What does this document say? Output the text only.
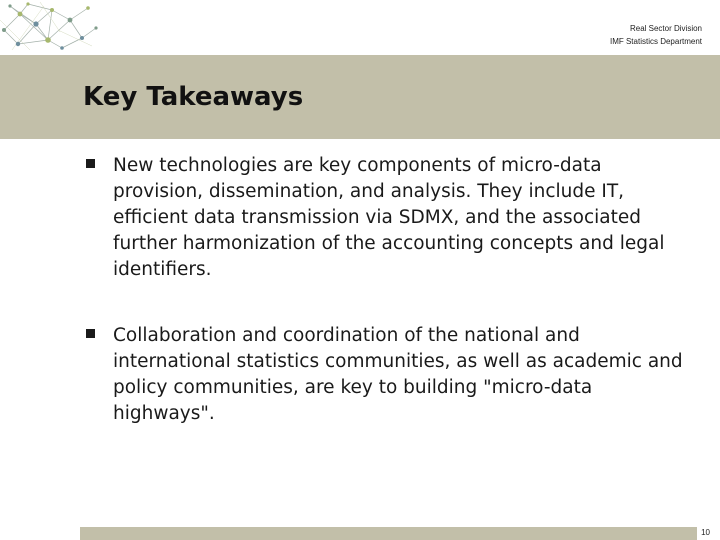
Real Sector Division
IMF Statistics Department
Key Takeaways
New technologies are key components of micro-data provision, dissemination, and analysis. They include IT, efficient data transmission via SDMX, and the associated further harmonization of the accounting concepts and legal identifiers.
Collaboration and coordination of the national and international statistics communities, as well as academic and policy communities, are key to building "micro-data highways".
10
